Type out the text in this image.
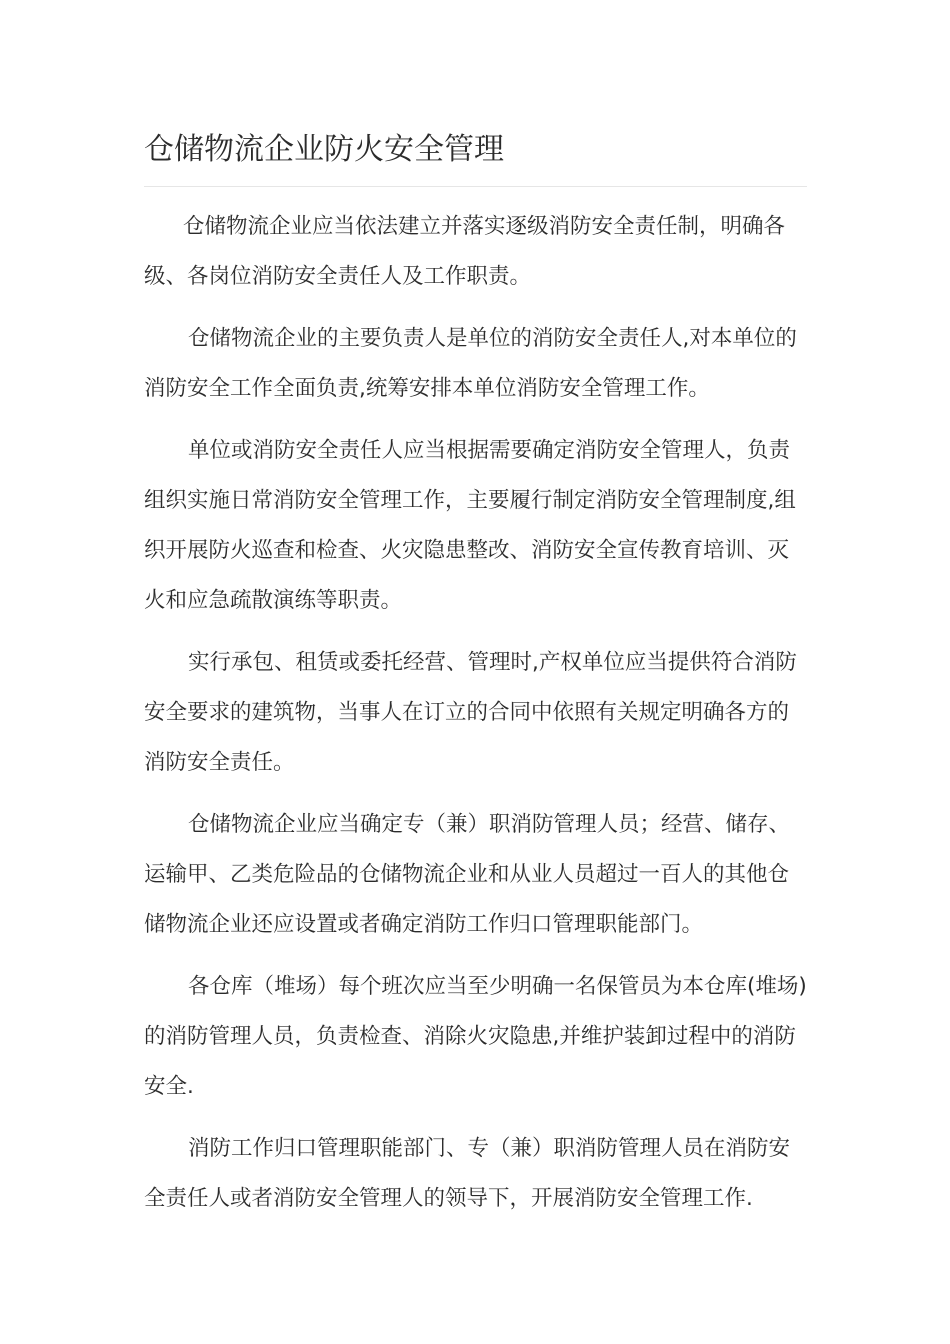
仓储物流企业防火安全管理

仓储物流企业应当依法建立并落实逐级消防安全责任制，明确各级、各岗位消防安全责任人及工作职责。

仓储物流企业的主要负责人是单位的消防安全责任人,对本单位的消防安全工作全面负责,统筹安排本单位消防安全管理工作。

单位或消防安全责任人应当根据需要确定消防安全管理人，负责组织实施日常消防安全管理工作，主要履行制定消防安全管理制度,组织开展防火巡查和检查、火灾隐患整改、消防安全宣传教育培训、灭火和应急疏散演练等职责。

实行承包、租赁或委托经营、管理时,产权单位应当提供符合消防安全要求的建筑物，当事人在订立的合同中依照有关规定明确各方的消防安全责任。

仓储物流企业应当确定专（兼）职消防管理人员；经营、储存、运输甲、乙类危险品的仓储物流企业和从业人员超过一百人的其他仓储物流企业还应设置或者确定消防工作归口管理职能部门。

各仓库（堆场）每个班次应当至少明确一名保管员为本仓库(堆场)的消防管理人员，负责检查、消除火灾隐患,并维护装卸过程中的消防安全.

消防工作归口管理职能部门、专（兼）职消防管理人员在消防安全责任人或者消防安全管理人的领导下，开展消防安全管理工作.
